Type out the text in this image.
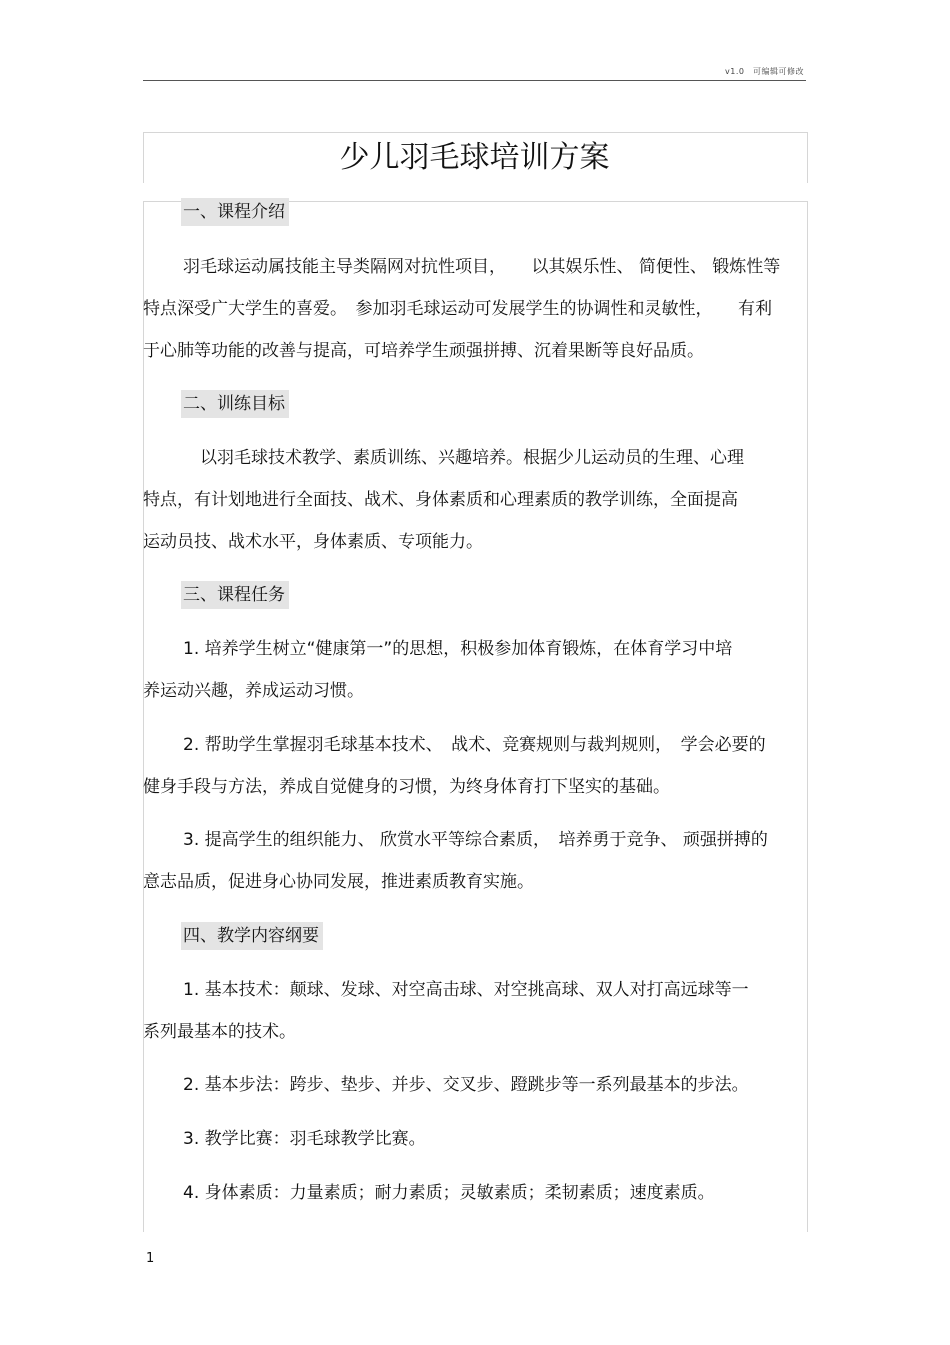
v1.0　可编辑可修改
少儿羽毛球培训方案
一、课程介绍
羽毛球运动属技能主导类隔网对抗性项目，　　以其娱乐性、 简便性、 锻炼性等
特点深受广大学生的喜爱。　参加羽毛球运动可发展学生的协调性和灵敏性，　　有利
于心肺等功能的改善与提高，可培养学生顽强拼搏、沉着果断等良好品质。
二、训练目标
　以羽毛球技术教学、素质训练、兴趣培养。根据少儿运动员的生理、心理
特点，有计划地进行全面技、战术、身体素质和心理素质的教学训练，全面提高
运动员技、战术水平，身体素质、专项能力。
三、课程任务
1. 培养学生树立“健康第一”的思想，积极参加体育锻炼，在体育学习中培
养运动兴趣，养成运动习惯。
2. 帮助学生掌握羽毛球基本技术、　战术、竞赛规则与裁判规则，　学会必要的
健身手段与方法，养成自觉健身的习惯，为终身体育打下坚实的基础。
3. 提高学生的组织能力、 欣赏水平等综合素质，　培养勇于竞争、 顽强拼搏的
意志品质，促进身心协同发展，推进素质教育实施。
四、教学内容纲要
1. 基本技术：颠球、发球、对空高击球、对空挑高球、双人对打高远球等一
系列最基本的技术。
2. 基本步法：跨步、垫步、并步、交叉步、蹬跳步等一系列最基本的步法。
3. 教学比赛：羽毛球教学比赛。
4. 身体素质：力量素质；耐力素质；灵敏素质；柔韧素质；速度素质。
1
